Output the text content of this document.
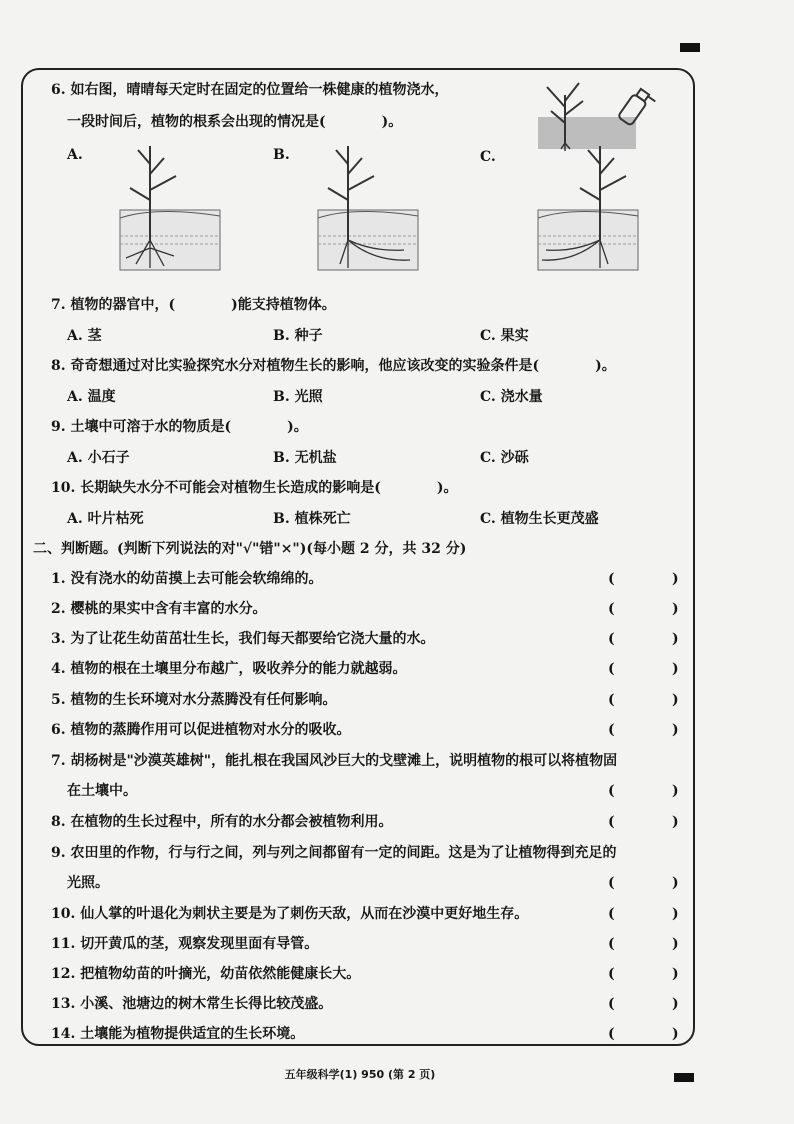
6. 如右图，晴晴每天定时在固定的位置给一株健康的植物浇水，
一段时间后，植物的根系会出现的情况是(　　　　)。
A.	B.	C.
7. 植物的器官中，(　　　　)能支持植物体。
A. 茎	B. 种子	C. 果实
8. 奇奇想通过对比实验探究水分对植物生长的影响，他应该改变的实验条件是(　　　　)。
A. 温度	B. 光照	C. 浇水量
9. 土壤中可溶于水的物质是(　　　　)。
A. 小石子	B. 无机盐	C. 沙砾
10. 长期缺失水分不可能会对植物生长造成的影响是(　　　　)。
A. 叶片枯死	B. 植株死亡	C. 植物生长更茂盛
二、判断题。(判断下列说法的对"√"错"×")(每小题 2 分，共 32 分)
1. 没有浇水的幼苗摸上去可能会软绵绵的。	(	)
2. 樱桃的果实中含有丰富的水分。	(	)
3. 为了让花生幼苗茁壮生长，我们每天都要给它浇大量的水。	(	)
4. 植物的根在土壤里分布越广，吸收养分的能力就越弱。	(	)
5. 植物的生长环境对水分蒸腾没有任何影响。	(	)
6. 植物的蒸腾作用可以促进植物对水分的吸收。	(	)
7. 胡杨树是"沙漠英雄树"，能扎根在我国风沙巨大的戈壁滩上，说明植物的根可以将植物固
在土壤中。	(	)
8. 在植物的生长过程中，所有的水分都会被植物利用。	(	)
9. 农田里的作物，行与行之间，列与列之间都留有一定的间距。这是为了让植物得到充足的
光照。	(	)
10. 仙人掌的叶退化为刺状主要是为了刺伤天敌，从而在沙漠中更好地生存。	(	)
11. 切开黄瓜的茎，观察发现里面有导管。	(	)
12. 把植物幼苗的叶摘光，幼苗依然能健康长大。	(	)
13. 小溪、池塘边的树木常生长得比较茂盛。	(	)
14. 土壤能为植物提供适宜的生长环境。	(	)
五年级科学(1) 950 (第 2 页)
